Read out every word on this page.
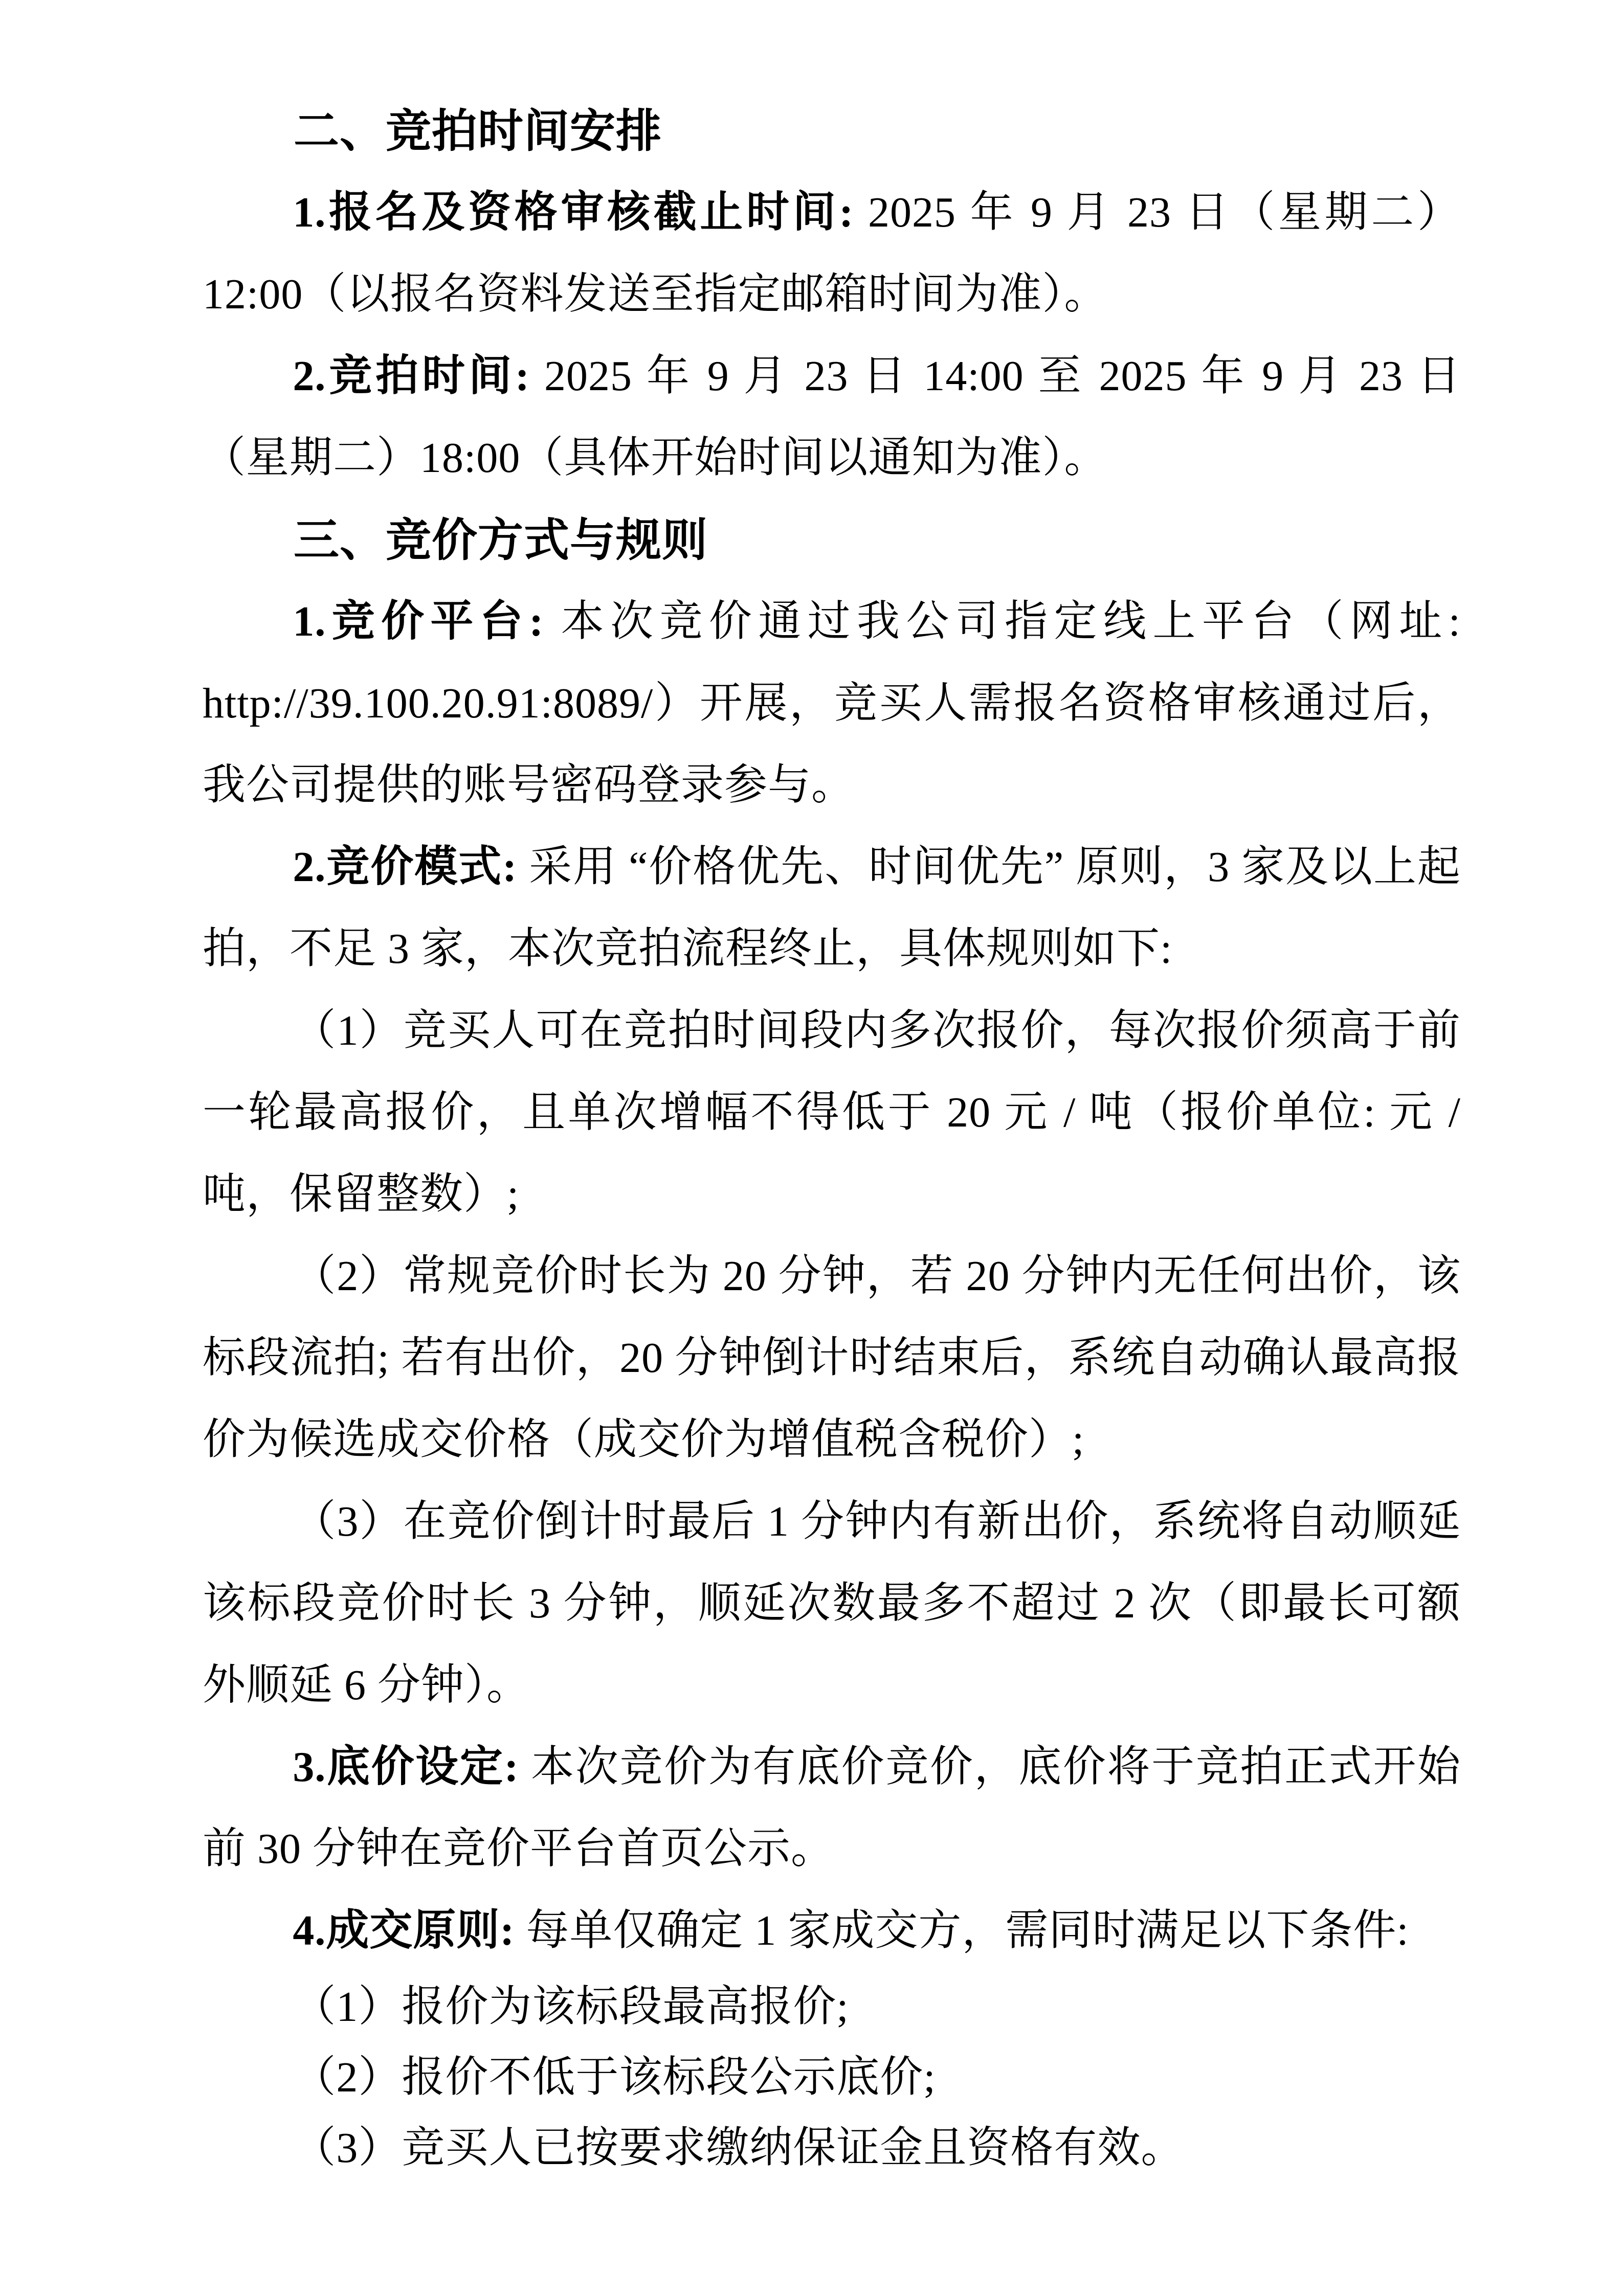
二、竞拍时间安排

1.报名及资格审核截止时间: 2025 年 9 月 23 日（星期二）12:00（以报名资料发送至指定邮箱时间为准）。

2.竞拍时间: 2025 年 9 月 23 日 14:00 至 2025 年 9 月 23 日（星期二）18:00（具体开始时间以通知为准）。

三、竞价方式与规则

1.竞价平台: 本次竞价通过我公司指定线上平台（网址: http://39.100.20.91:8089/）开展，竞买人需报名资格审核通过后，我公司提供的账号密码登录参与。

2.竞价模式: 采用 “价格优先、时间优先” 原则，3 家及以上起拍，不足 3 家，本次竞拍流程终止，具体规则如下:

（1）竞买人可在竞拍时间段内多次报价，每次报价须高于前一轮最高报价，且单次增幅不得低于 20 元 / 吨（报价单位: 元 / 吨，保留整数）;

（2）常规竞价时长为 20 分钟，若 20 分钟内无任何出价，该标段流拍; 若有出价，20 分钟倒计时结束后，系统自动确认最高报价为候选成交价格（成交价为增值税含税价）;

（3）在竞价倒计时最后 1 分钟内有新出价，系统将自动顺延该标段竞价时长 3 分钟，顺延次数最多不超过 2 次（即最长可额外顺延 6 分钟）。

3.底价设定: 本次竞价为有底价竞价，底价将于竞拍正式开始前 30 分钟在竞价平台首页公示。

4.成交原则: 每单仅确定 1 家成交方，需同时满足以下条件:

（1）报价为该标段最高报价;

（2）报价不低于该标段公示底价;

（3）竞买人已按要求缴纳保证金且资格有效。
